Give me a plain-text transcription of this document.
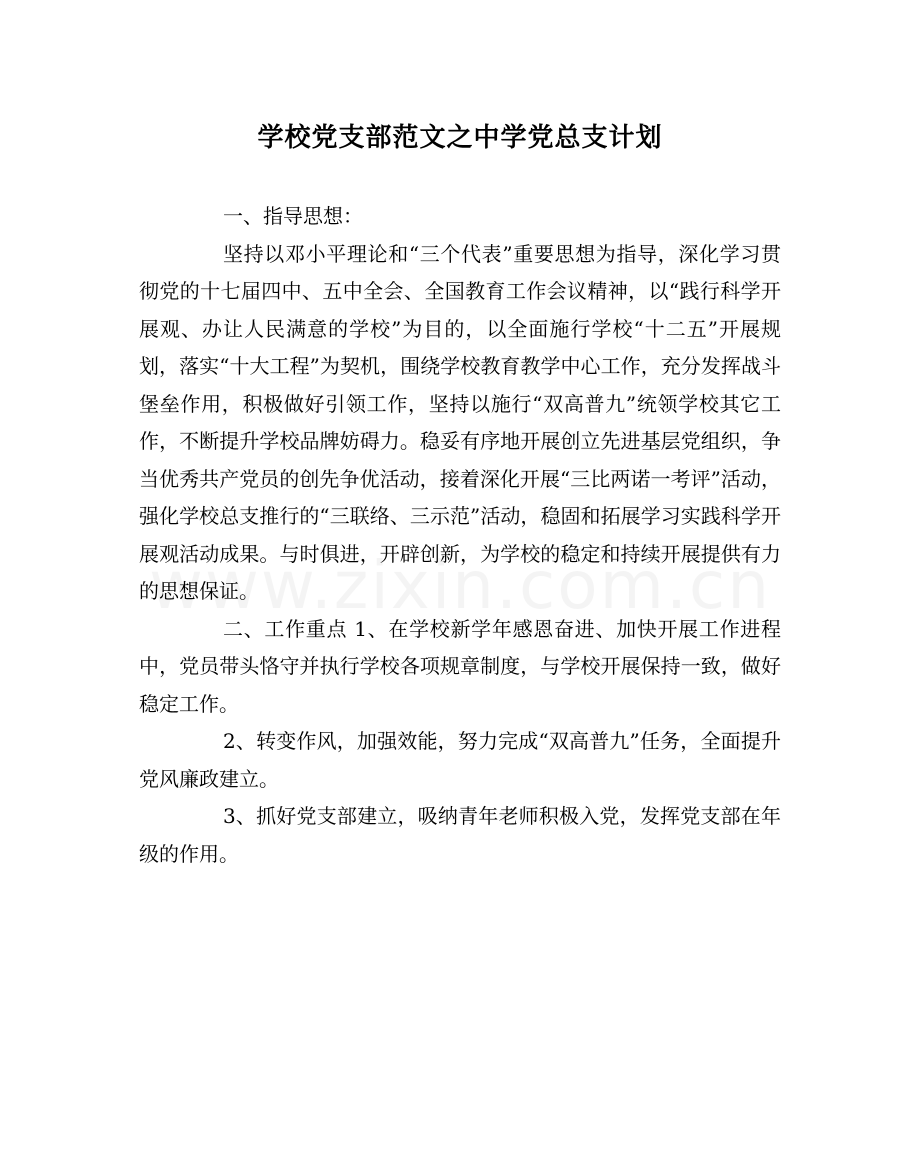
学校党支部范文之中学党总支计划

一、指导思想：

坚持以邓小平理论和“三个代表”重要思想为指导，深化学习贯彻党的十七届四中、五中全会、全国教育工作会议精神，以“践行科学开展观、办让人民满意的学校”为目的，以全面施行学校“十二五”开展规划，落实“十大工程”为契机，围绕学校教育教学中心工作，充分发挥战斗堡垒作用，积极做好引领工作，坚持以施行“双高普九”统领学校其它工作，不断提升学校品牌妨碍力。稳妥有序地开展创立先进基层党组织，争当优秀共产党员的创先争优活动，接着深化开展“三比两诺一考评”活动，强化学校总支推行的“三联络、三示范”活动，稳固和拓展学习实践科学开展观活动成果。与时俱进，开辟创新，为学校的稳定和持续开展提供有力的思想保证。

二、工作重点 1、在学校新学年感恩奋进、加快开展工作进程中，党员带头恪守并执行学校各项规章制度，与学校开展保持一致，做好稳定工作。

2、转变作风，加强效能，努力完成“双高普九”任务，全面提升党风廉政建立。

3、抓好党支部建立，吸纳青年老师积极入党，发挥党支部在年级的作用。
